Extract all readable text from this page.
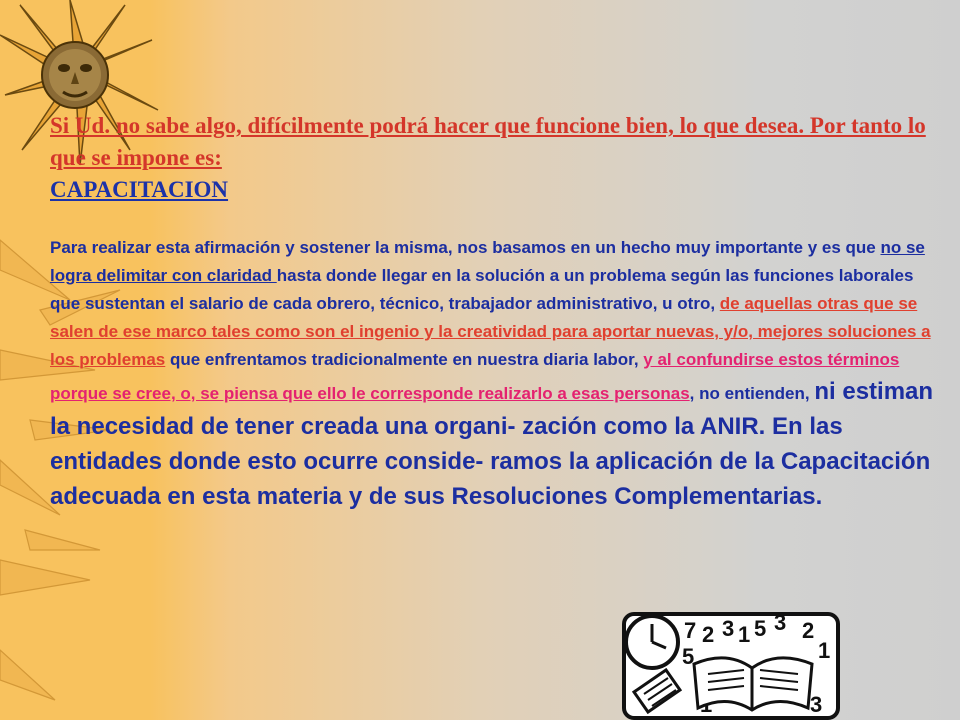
Si Ud. no sabe algo, difícilmente podrá hacer que funcione bien, lo que desea. Por tanto lo que se impone es:
CAPACITACION
Para realizar esta afirmación y sostener la misma, nos basamos en un hecho muy importante y es que no se logra delimitar con claridad hasta donde llegar en la solución a un problema según las funciones laborales que sustentan el salario de cada obrero, técnico, trabajador administrativo, u otro, de aquellas otras que se salen de ese marco tales como son el ingenio y la creatividad para aportar nuevas, y/o, mejores soluciones a los problemas que enfrentamos tradicionalmente en nuestra diaria labor, y al confundirse estos términos porque se cree, o, se piensa que ello le corresponde realizarlo a esas personas, no entienden, ni estiman la necesidad de tener creada una organi- zación como la ANIR. En las entidades donde esto ocurre conside- ramos la aplicación de la Capacitación adecuada en esta materia y de sus Resoluciones Complementarias.
7 2 3 1 5 3 2
1
5
3
